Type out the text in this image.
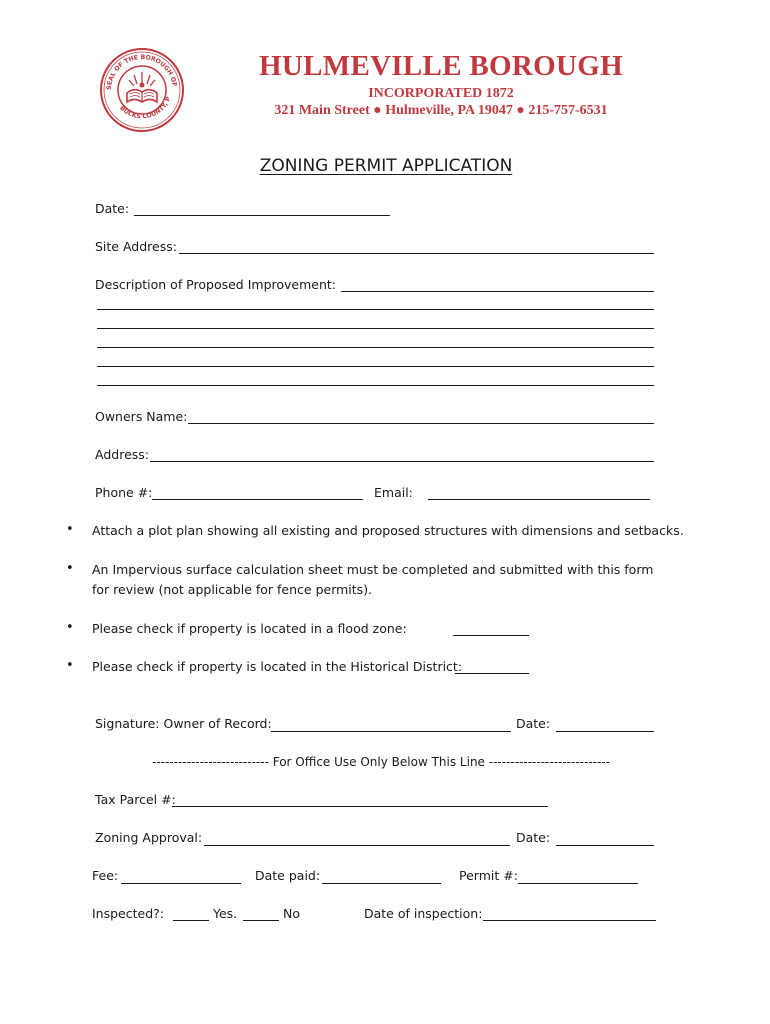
SEAL OF THE BOROUGH OF
BUCKS COUNTY, P
HULMEVILLE BOROUGH
INCORPORATED 1872
321 Main Street ● Hulmeville, PA 19047 ● 215-757-6531
ZONING PERMIT APPLICATION
Date:
Site Address:
Description of Proposed Improvement:
Owners Name:
Address:
Phone #:	Email:
• Attach a plot plan showing all existing and proposed structures with dimensions and setbacks.
• An Impervious surface calculation sheet must be completed and submitted with this form for review (not applicable for fence permits).
• Please check if property is located in a flood zone:
• Please check if property is located in the Historical District:
Signature: Owner of Record:	Date:
--------------------------- For Office Use Only Below This Line ----------------------------
Tax Parcel #:
Zoning Approval:	Date:
Fee:	Date paid:	Permit #:
Inspected?:	Yes.	No	Date of inspection:
